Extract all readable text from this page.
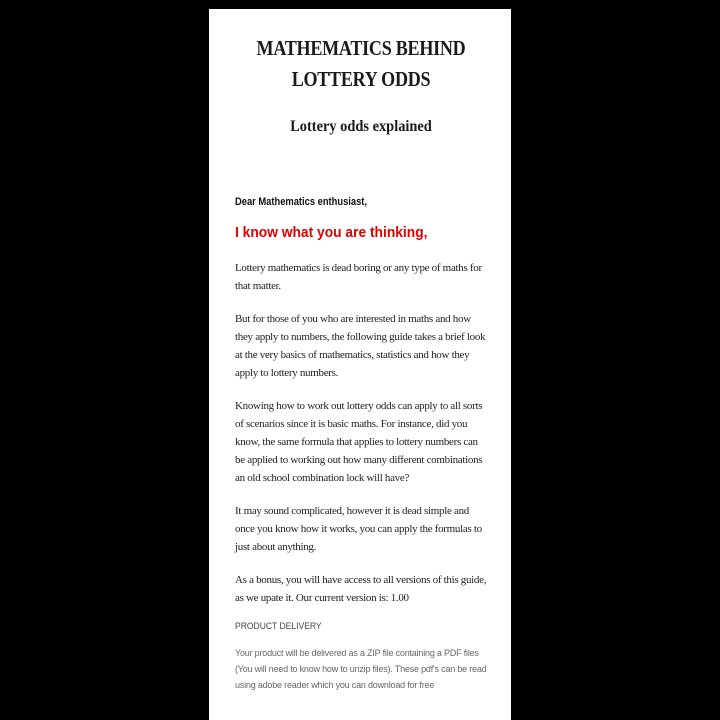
MATHEMATICS BEHIND LOTTERY ODDS
Lottery odds explained

Dear Mathematics enthusiast,

I know what you are thinking,

Lottery mathematics is dead boring or any type of maths for that matter.

But for those of you who are interested in maths and how they apply to numbers, the following guide takes a brief look at the very basics of mathematics, statistics and how they apply to lottery numbers.

Knowing how to work out lottery odds can apply to all sorts of scenarios since it is basic maths. For instance, did you know, the same formula that applies to lottery numbers can be applied to working out how many different combinations an old school combination lock will have?

It may sound complicated, however it is dead simple and once you know how it works, you can apply the formulas to just about anything.

As a bonus, you will have access to all versions of this guide, as we upate it. Our current version is: 1.00

PRODUCT DELIVERY

Your product will be delivered as a ZIP file containing a PDF files (You will need to know how to unzip files). These pdf's can be read using adobe reader which you can download for free
